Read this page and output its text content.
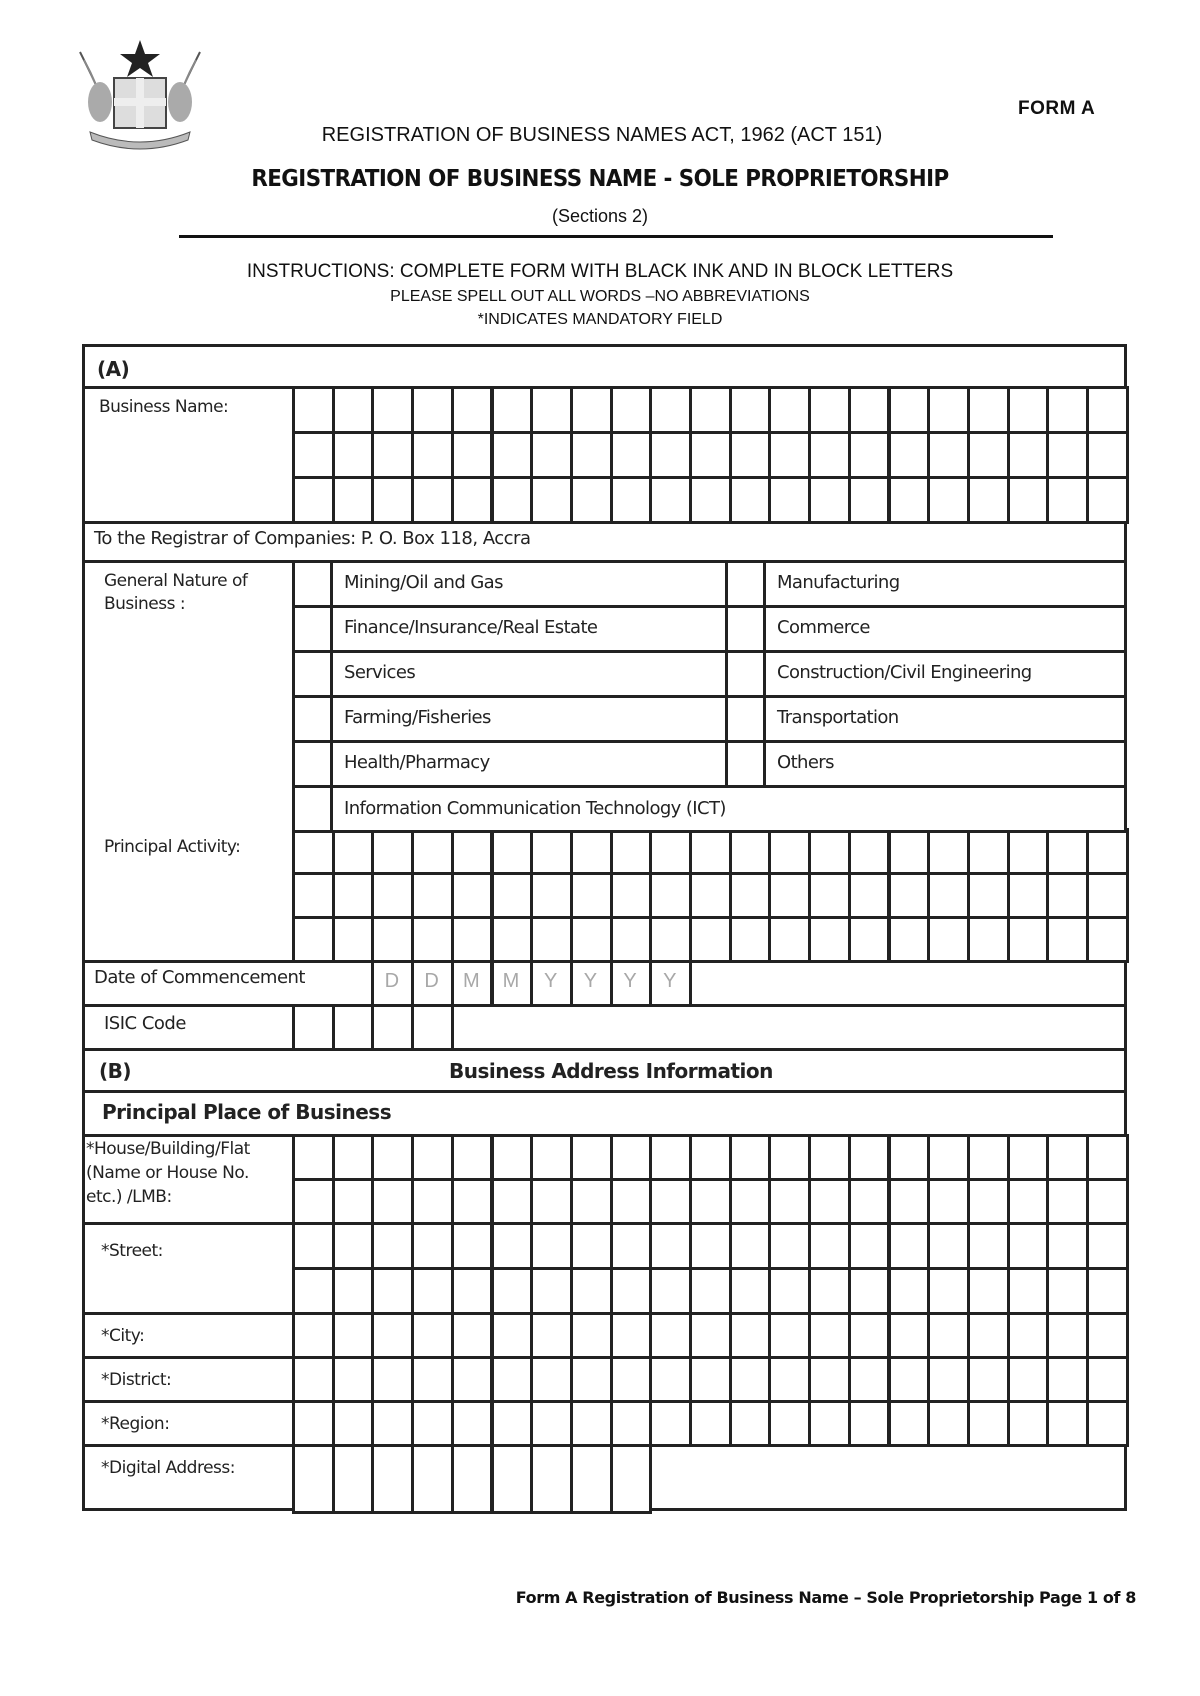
FORM A
REGISTRATION OF BUSINESS NAMES ACT, 1962 (ACT 151)
REGISTRATION OF BUSINESS NAME - SOLE PROPRIETORSHIP
(Sections 2)
INSTRUCTIONS: COMPLETE FORM WITH BLACK INK AND IN BLOCK LETTERS
PLEASE SPELL OUT ALL WORDS –NO ABBREVIATIONS
*INDICATES MANDATORY FIELD
(A)
Business Name:
To the Registrar of Companies: P. O. Box 118, Accra
General Nature of
Business :
Principal Activity:
Date of Commencement
ISIC Code
(B)	Business Address Information
Principal Place of Business
*House/Building/Flat
(Name or House No.
etc.) /LMB:
*Street:
*City:
*District:
*Region:
*Digital Address:
Form A Registration of Business Name – Sole Proprietorship Page 1 of 8
Mining/Oil and Gas	Manufacturing
Finance/Insurance/Real Estate	Commerce
Services	Construction/Civil Engineering
Farming/Fisheries	Transportation
Health/Pharmacy	Others
Information Communication Technology (ICT)
D	D	M	M	Y	Y	Y	Y
